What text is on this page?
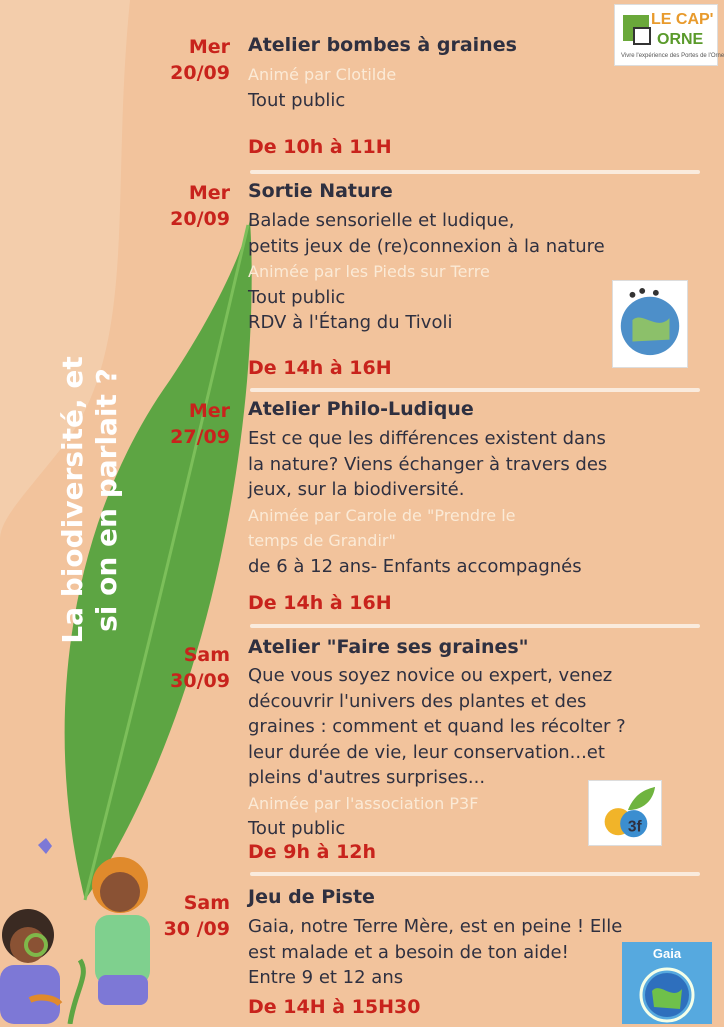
La biodiversité, et si on en parlait ?
LE CAP'
ORNE
Vivre l'expérience des Portes de l'Orne
Mer
20/09
Atelier bombes à graines
Animé par Clotilde
Tout public
De 10h à 11H
Mer
20/09
Sortie Nature
Balade sensorielle et ludique,
petits jeux de (re)connexion à la nature
Animée par les Pieds sur Terre
Tout public
RDV à l'Étang du Tivoli
De 14h à 16H
Mer
27/09
Atelier Philo-Ludique
Est ce que les différences existent dans
la nature? Viens échanger à travers des
jeux, sur la biodiversité.
Animée par Carole de "Prendre le
temps de Grandir"
de 6 à 12 ans- Enfants accompagnés
De 14h à 16H
Sam
30/09
Atelier "Faire ses graines"
Que vous soyez novice ou expert, venez
découvrir l'univers des plantes et des
graines : comment et quand les récolter ?
leur durée de vie, leur conservation...et
pleins d'autres surprises...
Animée par l'association P3F
Tout public	3f
De 9h à 12h
Sam
30 /09
Jeu de Piste
Gaia, notre Terre Mère, est en peine ! Elle
est malade et a besoin de ton aide!
Entre 9 et 12 ans
Gaia
De 14H à 15H30
